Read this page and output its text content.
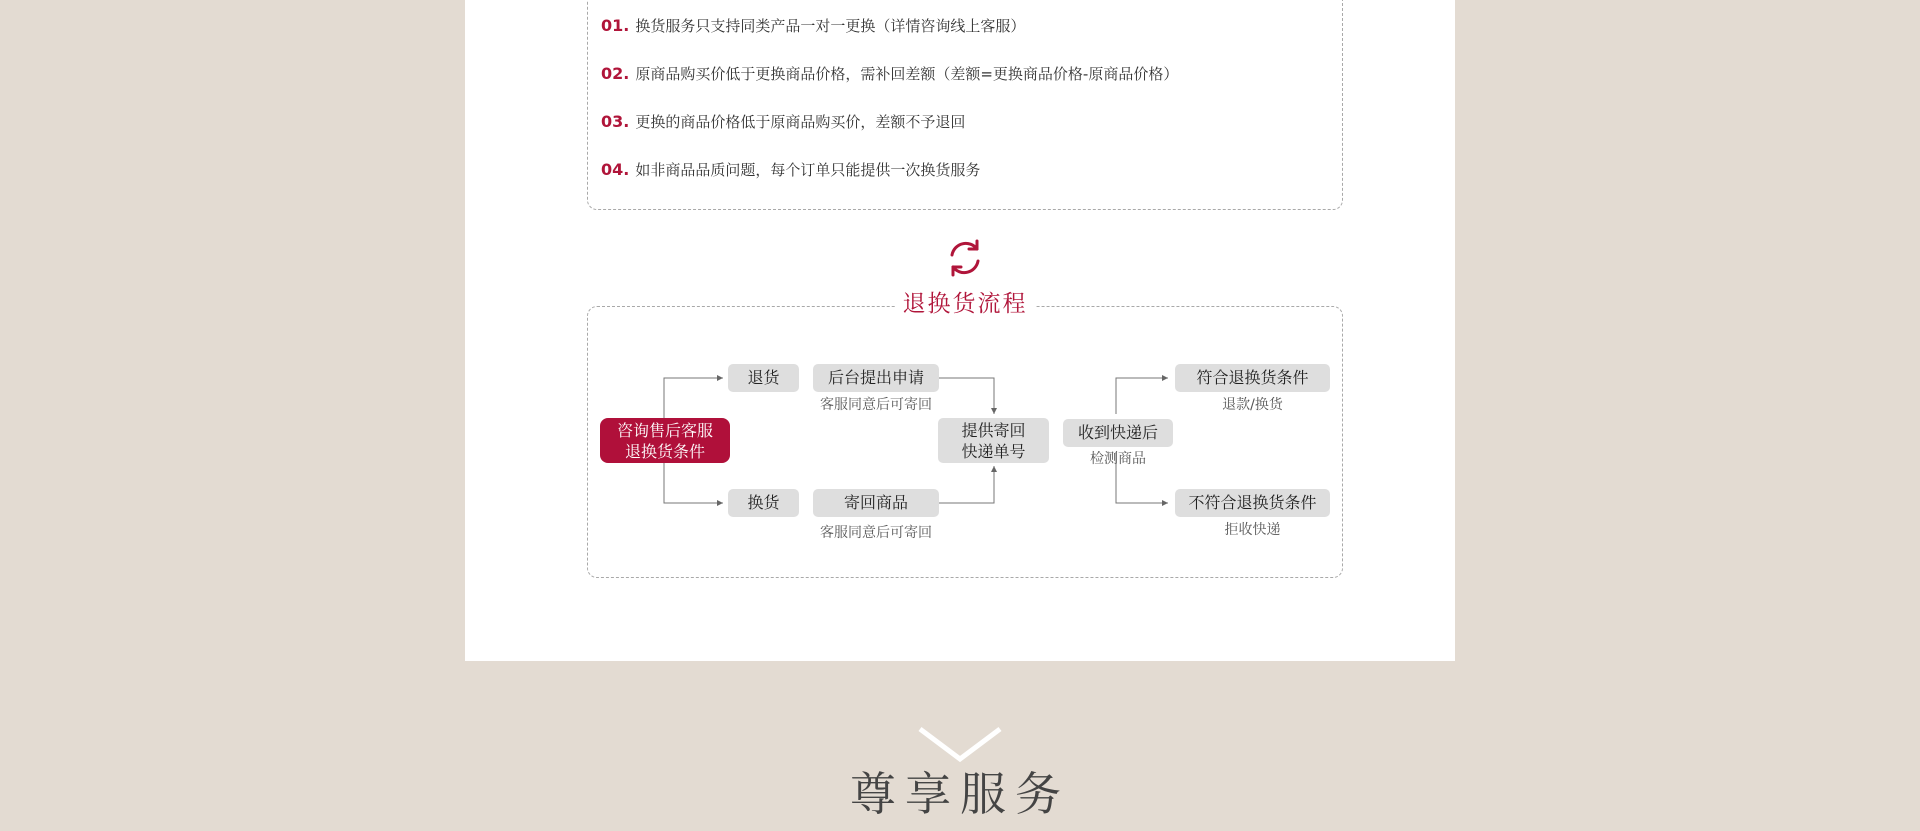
01. 换货服务只支持同类产品一对一更换（详情咨询线上客服）
02. 原商品购买价低于更换商品价格，需补回差额（差额=更换商品价格-原商品价格）
03. 更换的商品价格低于原商品购买价，差额不予退回
04. 如非商品品质问题，每个订单只能提供一次换货服务
退换货流程
咨询售后客服
退换货条件
退货
换货
后台提出申请
客服同意后可寄回
寄回商品
客服同意后可寄回
提供寄回
快递单号
收到快递后
检测商品
符合退换货条件
退款/换货
不符合退换货条件
拒收快递
尊享服务
